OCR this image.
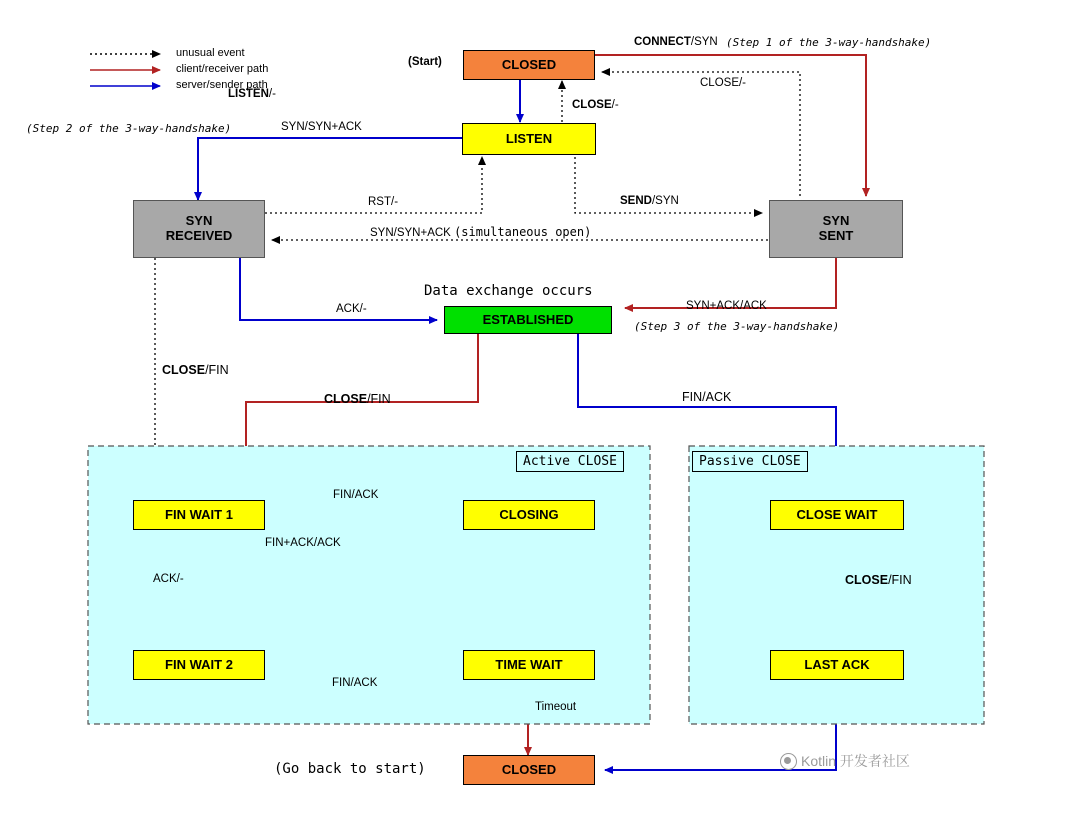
unusual event
client/receiver path
server/sender path
CLOSED
LISTEN
SYN
RECEIVED
SYN
SENT
ESTABLISHED
FIN WAIT 1
FIN WAIT 2
CLOSING
TIME WAIT
CLOSE WAIT
LAST ACK
CLOSED
Active CLOSE	Passive CLOSE
(Start)
CONNECT/SYN (Step 1 of the 3-way-handshake)
CLOSE/-
LISTEN/-
CLOSE/-
(Step 2 of the 3-way-handshake)	SYN/SYN+ACK
RST/-	SEND/SYN
SYN/SYN+ACK (simultaneous open)
Data exchange occurs
ACK/-	SYN+ACK/ACK
(Step 3 of the 3-way-handshake)
CLOSE/FIN
CLOSE/FIN	FIN/ACK
FIN/ACK
FIN+ACK/ACK
ACK/-	CLOSE/FIN
FIN/ACK
Timeout
(Go back to start)	Kotlin 开发者社区
